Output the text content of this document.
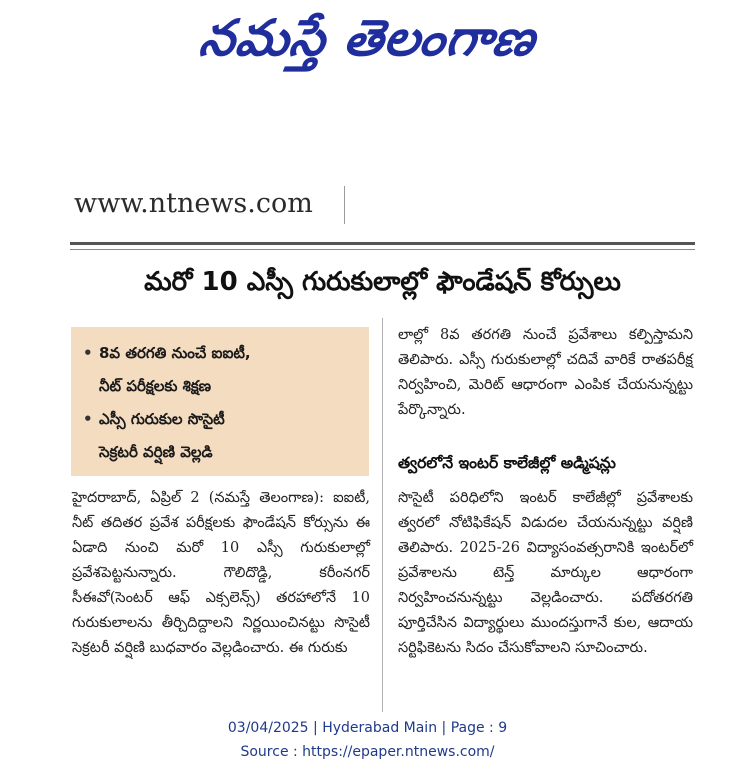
నమస్తే తెలంగాణ
www.ntnews.com
మరో 10 ఎస్సీ గురుకులాల్లో ఫౌండేషన్ కోర్సులు
• 8వ తరగతి నుంచే ఐఐటీ,
నీట్ పరీక్షలకు శిక్షణ
• ఎస్సీ గురుకుల సొసైటీ
సెక్రటరీ వర్షిణి వెల్లడి

హైదరాబాద్, ఏప్రిల్ 2 (నమస్తే తెలంగాణ): ఐఐటీ, నీట్ తదితర ప్రవేశ పరీక్షలకు ఫౌండేషన్ కోర్సును ఈ ఏడాది నుంచి మరో 10 ఎస్సీ గురుకులాల్లో ప్రవేశపెట్టనున్నారు. గౌలిదొడ్డి, కరీంనగర్ సీఈవో(సెంటర్ ఆఫ్ ఎక్సలెన్స్) తరహాలోనే 10 గురుకులాలను తీర్చిదిద్దాలని నిర్ణయించినట్టు సొసైటీ సెక్రటరీ వర్షిణి బుధవారం వెల్లడించారు. ఈ గురుకు

లాల్లో 8వ తరగతి నుంచే ప్రవేశాలు కల్పిస్తామని తెలిపారు. ఎస్సీ గురుకులాల్లో చదివే వారికే రాతపరీక్ష నిర్వహించి, మెరిట్ ఆధారంగా ఎంపిక చేయనున్నట్టు పేర్కొన్నారు.

త్వరలోనే ఇంటర్ కాలేజీల్లో అడ్మిషన్లు

సొసైటీ పరిధిలోని ఇంటర్ కాలేజీల్లో ప్రవేశాలకు త్వరలో నోటిఫికేషన్ విడుదల చేయనున్నట్టు వర్షిణి తెలిపారు. 2025-26 విద్యాసంవత్సరానికి ఇంటర్‌లో ప్రవేశాలను టెన్త్ మార్కుల ఆధారంగా నిర్వహించనున్నట్టు వెల్లడించారు. పదోతరగతి పూర్తిచేసిన విద్యార్థులు ముందస్తుగానే కుల, ఆదాయ సర్టిఫికెటను సిదం చేసుకోవాలని సూచించారు.

03/04/2025 | Hyderabad Main | Page : 9
Source : https://epaper.ntnews.com/
